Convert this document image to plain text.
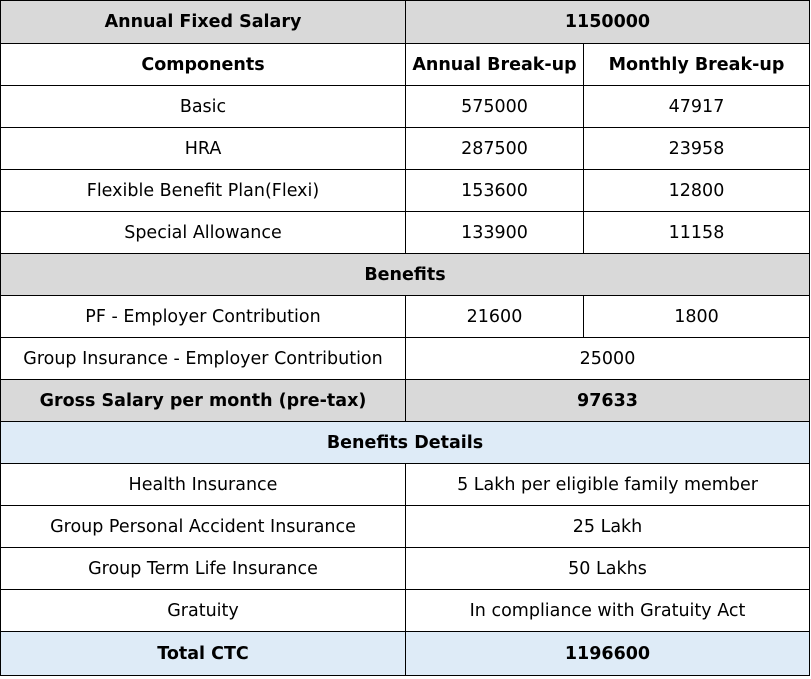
Annual Fixed Salary	1150000	
Components	Annual Break-up	Monthly Break-up
Basic	575000	47917
HRA	287500	23958
Flexible Benefit Plan(Flexi)	153600	12800
Special Allowance	133900	11158
Benefits		
PF - Employer Contribution	21600	1800
Group Insurance - Employer Contribution	25000	
Gross Salary per month (pre-tax)	97633	
Benefits Details		
Health Insurance	5 Lakh per eligible family member	
Group Personal Accident Insurance	25 Lakh	
Group Term Life Insurance	50 Lakhs	
Gratuity	In compliance with Gratuity Act	
Total CTC	1196600	
